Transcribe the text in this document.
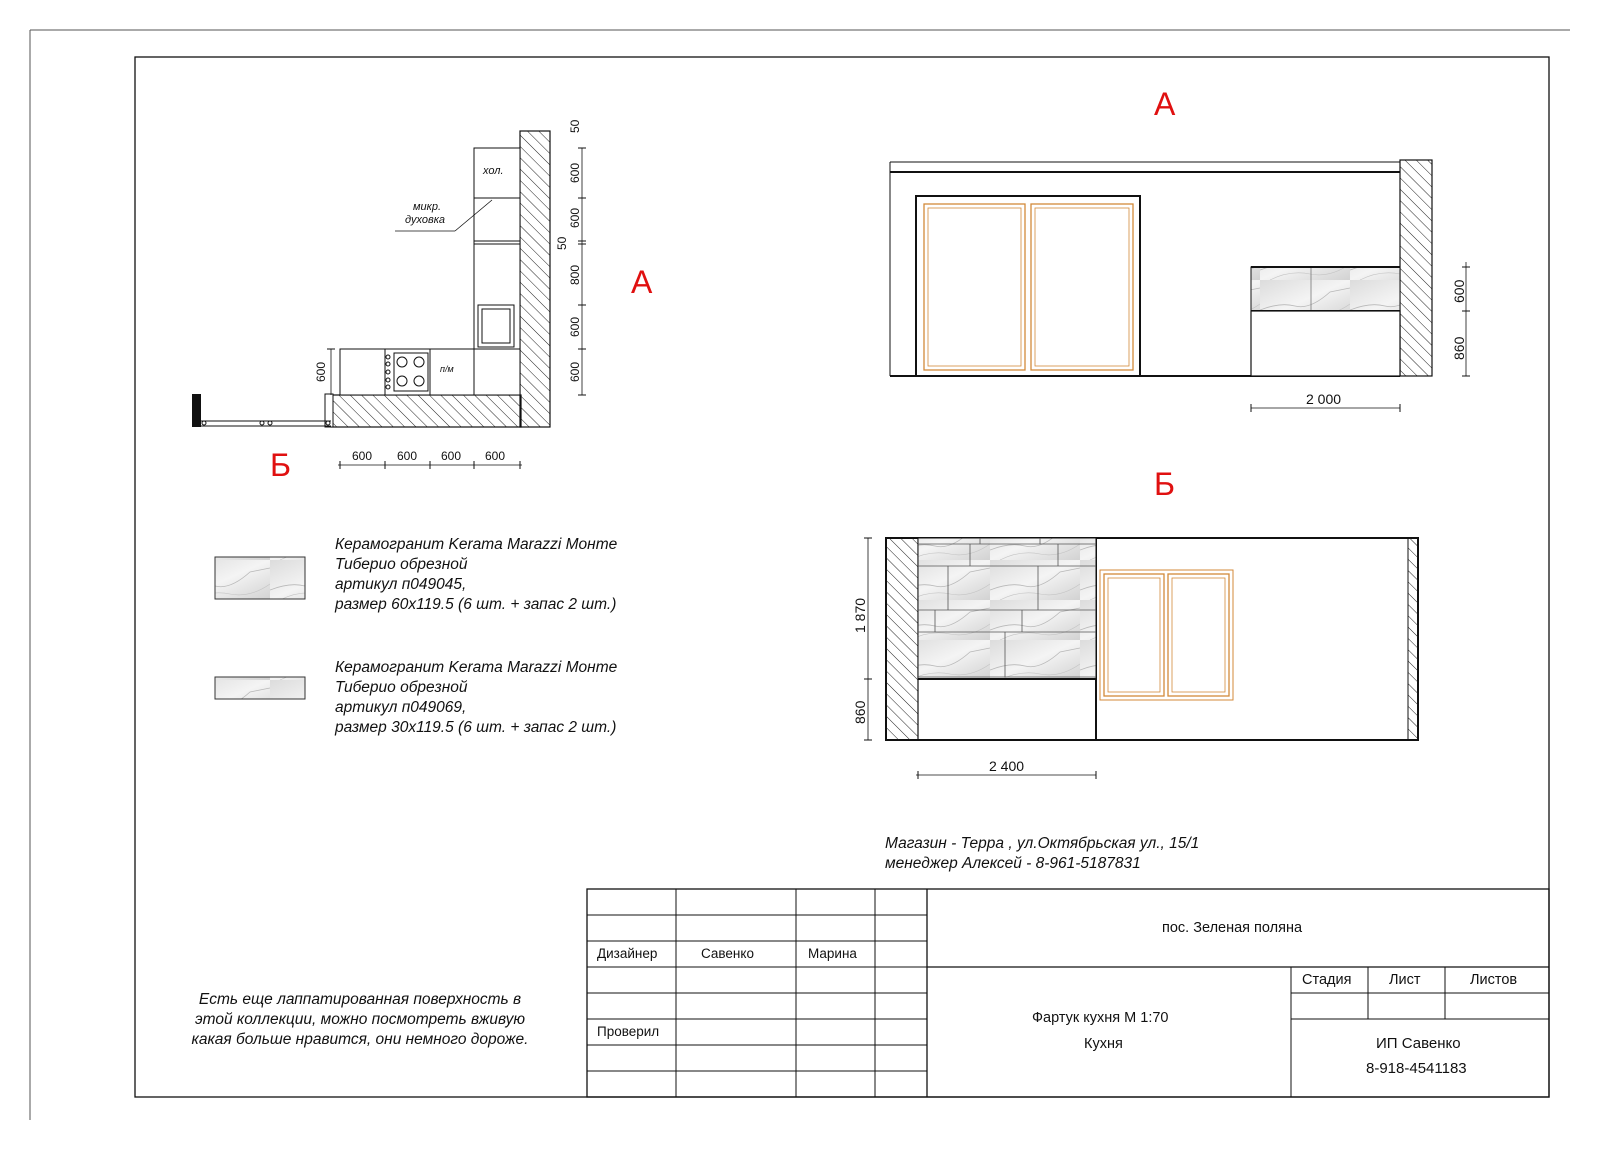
А
А
Б
Б
хол.
микр.
духовка
п/м
50
600
600
50
800
600
600
600
600 600 600 600
2 000
600
860
1 870
860
2 400
Керамогранит Kerama Marazzi Монте
Тиберио обрезной
артикул п049045,
размер 60х119.5 (6 шт. + запас 2 шт.)
Керамогранит Kerama Marazzi Монте
Тиберио обрезной
артикул п049069,
размер 30х119.5 (6 шт. + запас 2 шт.)
Магазин - Терра , ул.Октябрьская ул., 15/1
менеджер Алексей - 8-961-5187831
Есть еще лаппатированная поверхность в
этой коллекции, можно посмотреть вживую
какая больше нравится, они немного дороже.
Дизайнер	Савенко	Марина
Проверил
пос. Зеленая поляна
Фартук кухня М 1:70
Кухня
Стадия	Лист	Листов
ИП Савенко
8-918-4541183
